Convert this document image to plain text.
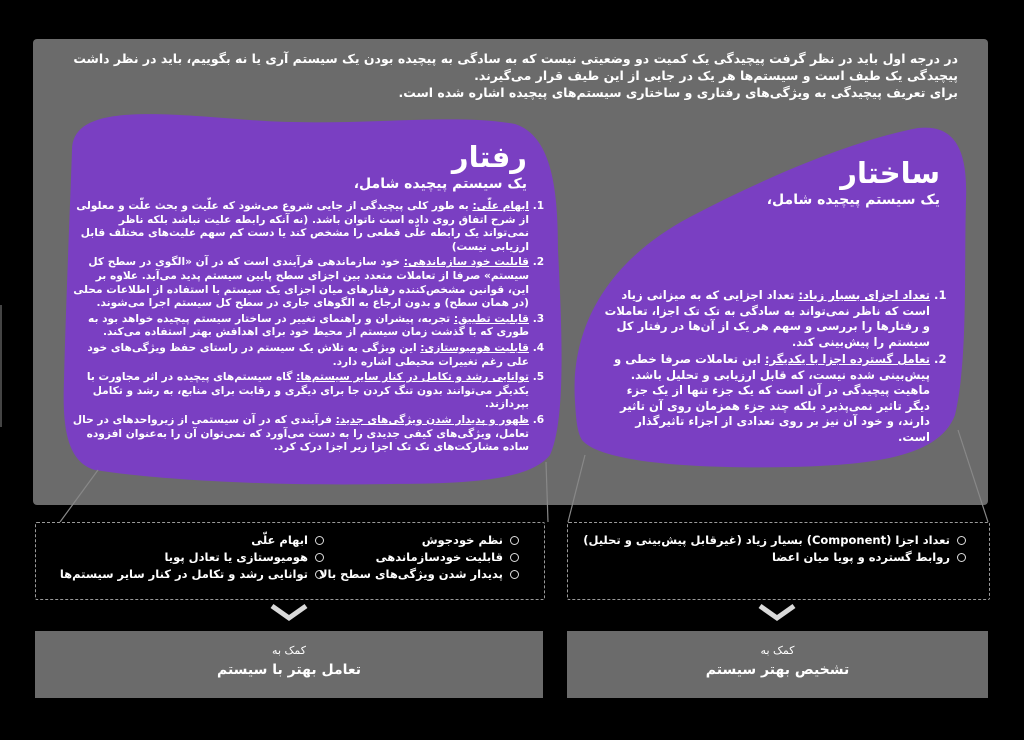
در درجه اول باید در نظر گرفت پیچیدگی یک کمیت دو وضعیتی نیست که به سادگی به پیچیده بودن یک سیستم آری یا نه بگوییم، باید در نظر داشت

پیچیدگی یک طیف است و سیستم‌ها هر یک در جایی از این طیف قرار می‌گیرند.

برای تعریف پیچیدگی به ویژگی‌های رفتاری و ساختاری سیستم‌های پیچیده اشاره شده است.

رفتار

یک سیستم پیچیده شامل،

1. ابهام علّی: به طور کلی پیچیدگی از جایی شروع می‌شود که علّیت و بحث علّت و معلولی از شرح اتفاق روی داده است ناتوان باشد. (نه آنکه رابطه علیت نباشد بلکه ناظر نمی‌تواند یک رابطه علّی قطعی را مشخص کند یا دست کم سهم علیت‌های مختلف قابل ارزیابی نیست)
2. قابلیت خود سازماندهی: خود سازماندهی فرآیندی است که در آن «الگوی در سطح کل سیستم» صرفا از تعاملات متعدد بین اجزای سطح پایین سیستم پدید می‌آید. علاوه بر این، قوانین مشخص‌کننده رفتارهای میان اجزای یک سیستم با استفاده از اطلاعات محلی (در همان سطح) و بدون ارجاع به الگوهای جاری در سطح کل سیستم اجرا می‌شوند.
3. قابلیت تطبیق: تجربه، پیشران و راهنمای تغییر در ساختار سیستم پیچیده خواهد بود به طوری که با گذشت زمان سیستم از محیط خود برای اهدافش بهتر استفاده می‌کند.
4. قابلیت هومیوستازی: این ویژگی به تلاش یک سیستم در راستای حفظ ویژگی‌های خود علی رغم تغییرات محیطی اشاره دارد.
5. توانایی رشد و تکامل در کنار سایر سیستم‌ها: گاه سیستم‌های پیچیده در اثر مجاورت با یکدیگر می‌توانند بدون تنگ کردن جا برای دیگری و رقابت برای منابع، به رشد و تکامل بپردازند.
6. ظهور و پدیدار شدن ویژگی‌های جدید: فرآیندی که در آن سیستمی از زیرواحدهای در حال تعامل، ویژگی‌های کیفی جدیدی را به دست می‌آورد که نمی‌توان آن را به‌عنوان افزوده ساده مشارکت‌های تک تک اجزا زیر اجزا درک کرد.

ساختار

یک سیستم پیچیده شامل،

1. تعداد اجزای بسیار زیاد: تعداد اجزایی که به میزانی زیاد است که ناظر نمی‌تواند به سادگی به تک تک اجزا، تعاملات و رفتارها را بررسی و سهم هر یک از آن‌ها در رفتار کل سیستم را پیش‌بینی کند.
2. تعامل گسترده اجزا با یکدیگر: این تعاملات صرفا خطی و پیش‌بینی شده نیست، که قابل ارزیابی و تحلیل باشد. ماهیت پیچیدگی در آن است که یک جزء تنها از یک جزء دیگر تاثیر نمی‌پذیرد بلکه چند جزء همزمان روی آن تاثیر دارند، و خود آن نیز بر روی تعدادی از اجزاء تاثیرگذار است.
ابهام علّی
هومیوستازی یا تعادل پویا
توانایی رشد و تکامل در کنار سایر سیستم‌ها
نظم خودجوش
قابلیت خودسازماندهی
پدیدار شدن ویژگی‌های سطح بالا
تعداد اجزا (Component) بسیار زیاد (غیرقابل پیش‌بینی و تحلیل)
روابط گسترده و پویا میان اعضا
کمک به
تعامل بهتر با سیستم
کمک به
تشخیص بهتر سیستم
